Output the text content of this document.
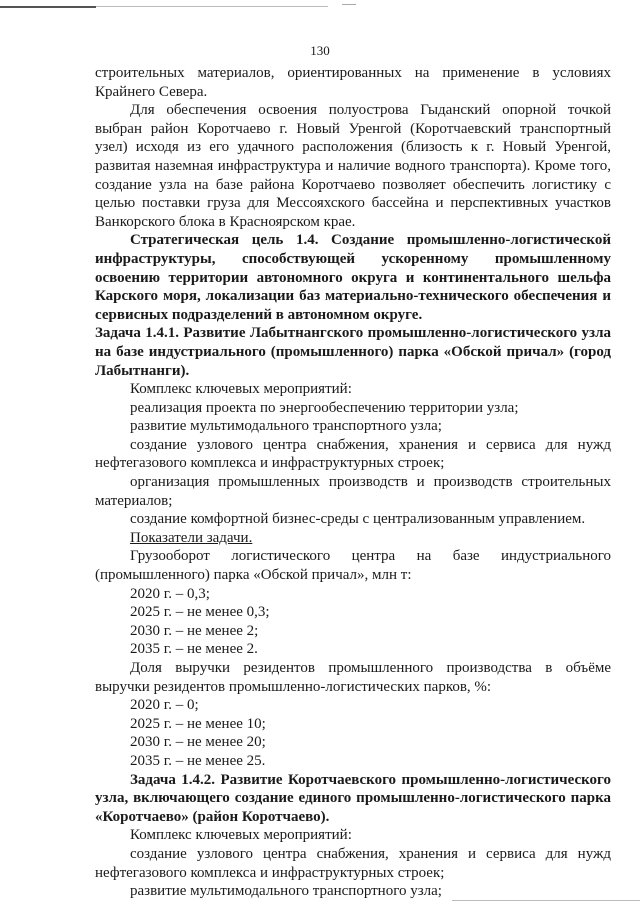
130

строительных материалов, ориентированных на применение в условиях Крайнего Севера.

Для обеспечения освоения полуострова Гыданский опорной точкой выбран район Коротчаево г. Новый Уренгой (Коротчаевский транспортный узел) исходя из его удачного расположения (близость к г. Новый Уренгой, развитая наземная инфраструктура и наличие водного транспорта). Кроме того, создание узла на базе района Коротчаево позволяет обеспечить логистику с целью поставки груза для Мессояхского бассейна и перспективных участков Ванкорского блока в Красноярском крае.

Стратегическая цель 1.4. Создание промышленно-логистической инфраструктуры, способствующей ускоренному промышленному освоению территории автономного округа и континентального шельфа Карского моря, локализации баз материально-технического обеспечения и сервисных подразделений в автономном округе.

Задача 1.4.1. Развитие Лабытнангского промышленно-логистического узла на базе индустриального (промышленного) парка «Обской причал» (город Лабытнанги).

Комплекс ключевых мероприятий:

реализация проекта по энергообеспечению территории узла;

развитие мультимодального транспортного узла;

создание узлового центра снабжения, хранения и сервиса для нужд нефтегазового комплекса и инфраструктурных строек;

организация промышленных производств и производств строительных материалов;

создание комфортной бизнес-среды с централизованным управлением.

Показатели задачи.

Грузооборот логистического центра на базе индустриального (промышленного) парка «Обской причал», млн т:

2020 г. – 0,3;

2025 г. – не менее 0,3;

2030 г. – не менее 2;

2035 г. – не менее 2.

Доля выручки резидентов промышленного производства в объёме выручки резидентов промышленно-логистических парков, %:

2020 г. – 0;

2025 г. – не менее 10;

2030 г. – не менее 20;

2035 г. – не менее 25.

Задача 1.4.2. Развитие Коротчаевского промышленно-логистического узла, включающего создание единого промышленно-логистического парка «Коротчаево» (район Коротчаево).

Комплекс ключевых мероприятий:

создание узлового центра снабжения, хранения и сервиса для нужд нефтегазового комплекса и инфраструктурных строек;

развитие мультимодального транспортного узла;
